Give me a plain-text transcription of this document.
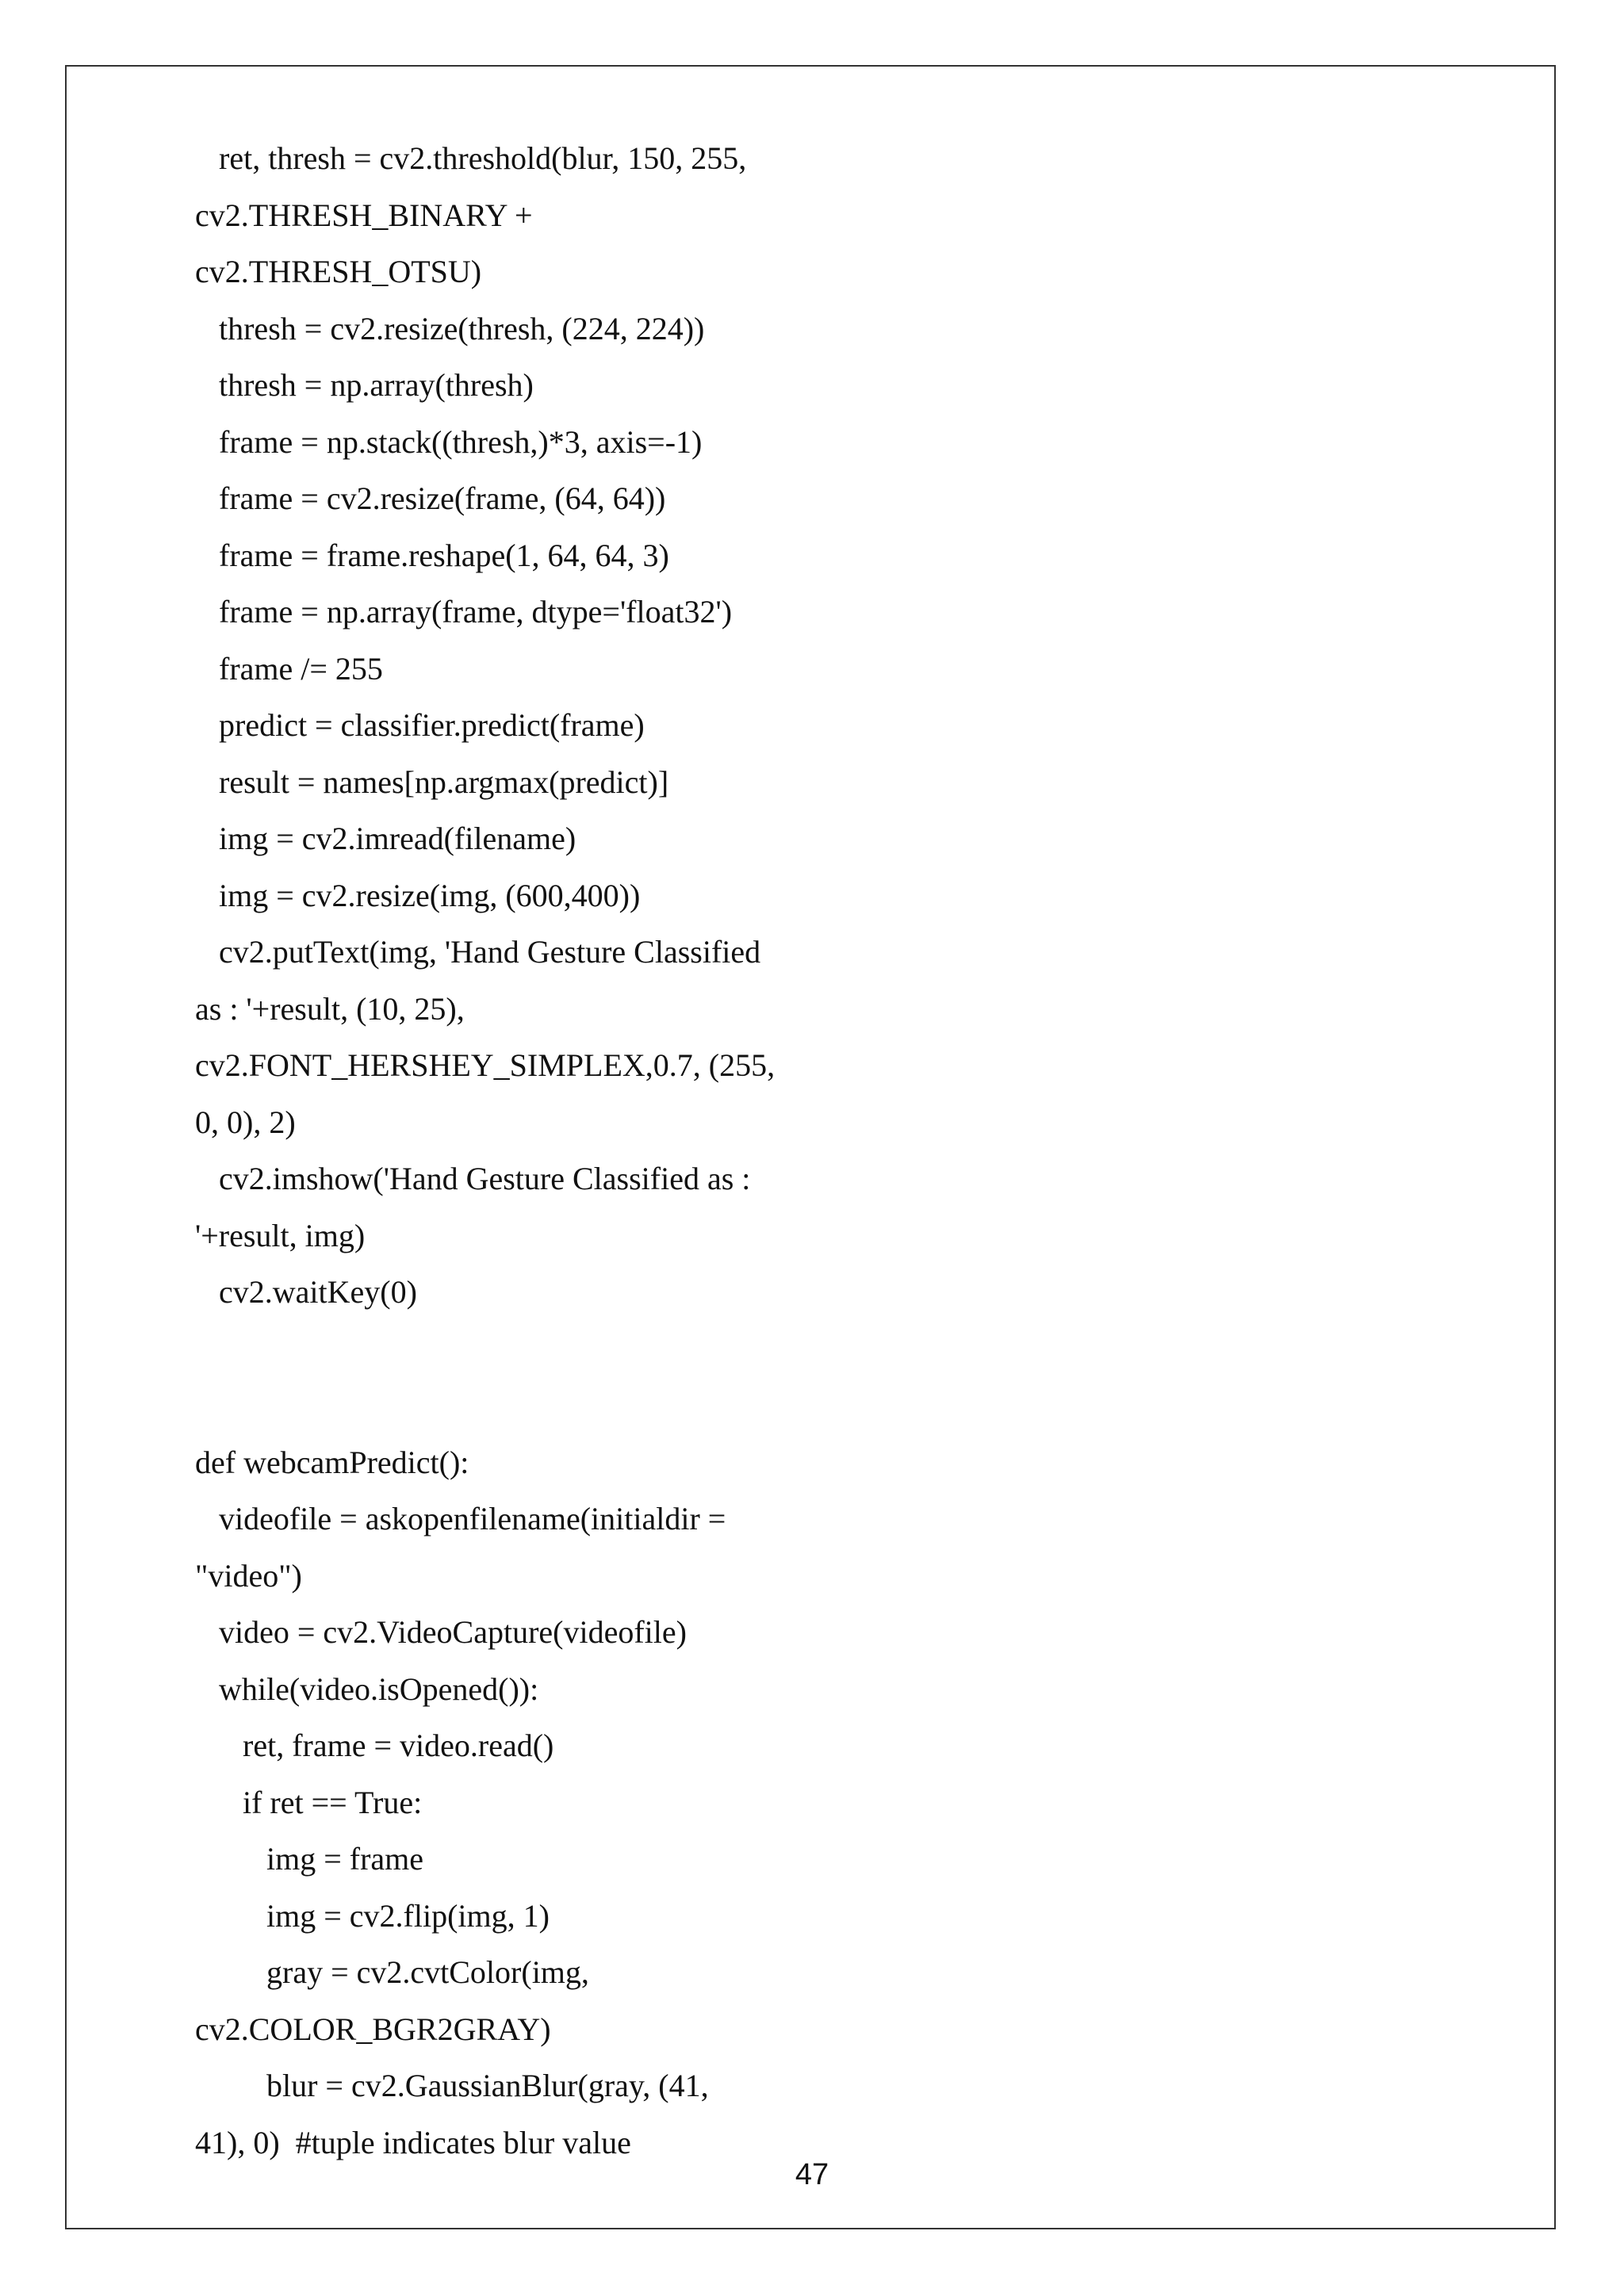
ret, thresh = cv2.threshold(blur, 150, 255,
cv2.THRESH_BINARY +
cv2.THRESH_OTSU)
thresh = cv2.resize(thresh, (224, 224))
thresh = np.array(thresh)
frame = np.stack((thresh,)*3, axis=-1)
frame = cv2.resize(frame, (64, 64))
frame = frame.reshape(1, 64, 64, 3)
frame = np.array(frame, dtype='float32')
frame /= 255
predict = classifier.predict(frame)
result = names[np.argmax(predict)]
img = cv2.imread(filename)
img = cv2.resize(img, (600,400))
cv2.putText(img, 'Hand Gesture Classified
as : '+result, (10, 25),
cv2.FONT_HERSHEY_SIMPLEX,0.7, (255,
0, 0), 2)
cv2.imshow('Hand Gesture Classified as :
'+result, img)
cv2.waitKey(0)
def webcamPredict():
videofile = askopenfilename(initialdir =
"video")
video = cv2.VideoCapture(videofile)
while(video.isOpened()):
ret, frame = video.read()
if ret == True:
img = frame
img = cv2.flip(img, 1)
gray = cv2.cvtColor(img,
cv2.COLOR_BGR2GRAY)
blur = cv2.GaussianBlur(gray, (41,
41), 0)  #tuple indicates blur value
47
